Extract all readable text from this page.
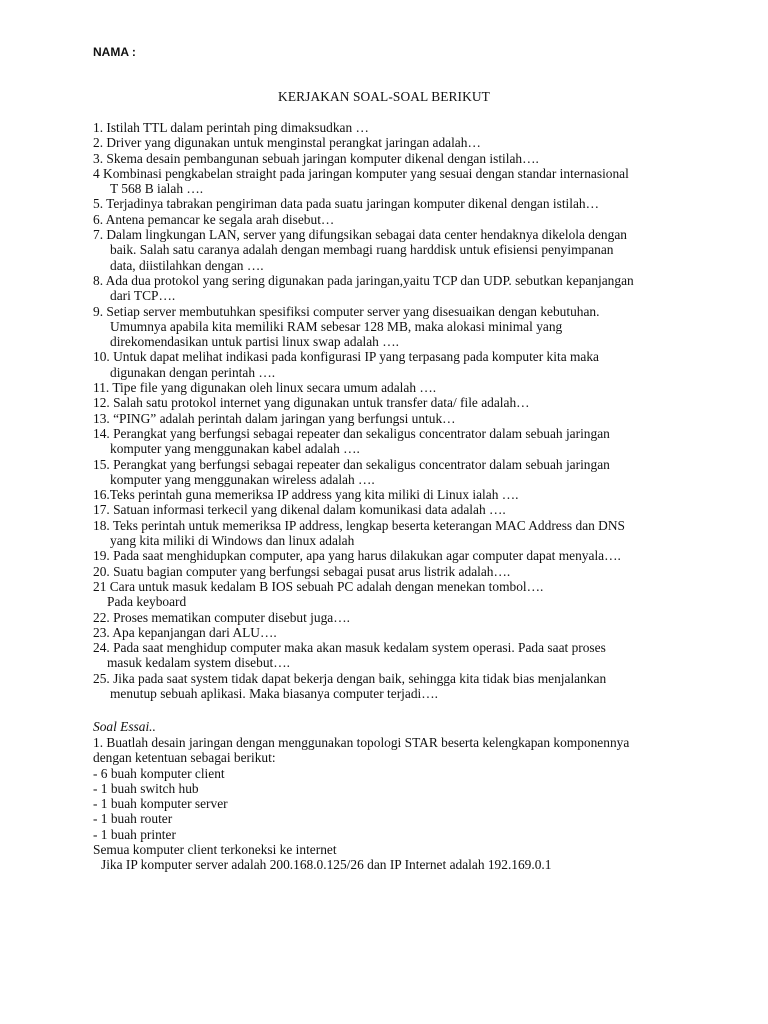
NAMA :
KERJAKAN SOAL-SOAL BERIKUT
1. Istilah TTL dalam perintah ping dimaksudkan …
2. Driver yang digunakan untuk menginstal perangkat jaringan adalah…
3. Skema desain pembangunan sebuah jaringan komputer dikenal dengan istilah….
4 Kombinasi pengkabelan straight pada jaringan komputer yang sesuai dengan standar internasional
T 568 B ialah ….
5. Terjadinya tabrakan pengiriman data pada suatu jaringan komputer dikenal dengan istilah…
6. Antena pemancar ke segala arah disebut…
7. Dalam lingkungan LAN, server yang difungsikan sebagai data center hendaknya dikelola dengan
baik. Salah satu caranya adalah dengan membagi ruang harddisk untuk efisiensi penyimpanan
data, diistilahkan dengan ….
8. Ada dua protokol yang sering digunakan pada jaringan,yaitu TCP dan UDP. sebutkan kepanjangan
dari TCP….
9. Setiap server membutuhkan spesifiksi computer server yang disesuaikan dengan kebutuhan.
Umumnya apabila kita memiliki RAM sebesar 128 MB, maka alokasi minimal yang
direkomendasikan untuk partisi linux swap adalah ….
10. Untuk dapat melihat indikasi pada konfigurasi IP yang terpasang pada komputer kita maka
digunakan dengan perintah ….
11. Tipe file yang digunakan oleh linux secara umum adalah ….
12. Salah satu protokol internet yang digunakan untuk transfer data/ file adalah…
13. “PING” adalah perintah dalam jaringan yang berfungsi untuk…
14. Perangkat yang berfungsi sebagai repeater dan sekaligus concentrator dalam sebuah jaringan
komputer yang menggunakan kabel adalah ….
15. Perangkat yang berfungsi sebagai repeater dan sekaligus concentrator dalam sebuah jaringan
komputer yang menggunakan wireless adalah ….
16.Teks perintah guna memeriksa IP address yang kita miliki di Linux ialah ….
17. Satuan informasi terkecil yang dikenal dalam komunikasi data adalah ….
18. Teks perintah untuk memeriksa IP address, lengkap beserta keterangan MAC Address dan DNS
yang kita miliki di Windows dan linux adalah
19. Pada saat menghidupkan computer, apa yang harus dilakukan agar computer dapat menyala….
20. Suatu bagian computer yang berfungsi sebagai pusat arus listrik adalah….
21 Cara untuk masuk kedalam B IOS sebuah PC adalah dengan menekan tombol….
Pada keyboard
22. Proses mematikan computer disebut juga….
23. Apa kepanjangan dari ALU….
24. Pada saat menghidup computer maka akan masuk kedalam system operasi. Pada saat proses
masuk kedalam system disebut….
25. Jika pada saat system tidak dapat bekerja dengan baik, sehingga kita tidak bias menjalankan
menutup sebuah aplikasi. Maka biasanya computer terjadi….
Soal Essai..
1. Buatlah desain jaringan dengan menggunakan topologi STAR beserta kelengkapan komponennya
dengan ketentuan sebagai berikut:
- 6 buah komputer client
- 1 buah switch hub
- 1 buah komputer server
- 1 buah router
- 1 buah printer
Semua komputer client terkoneksi ke internet
Jika IP komputer server adalah 200.168.0.125/26 dan IP Internet adalah 192.169.0.1
